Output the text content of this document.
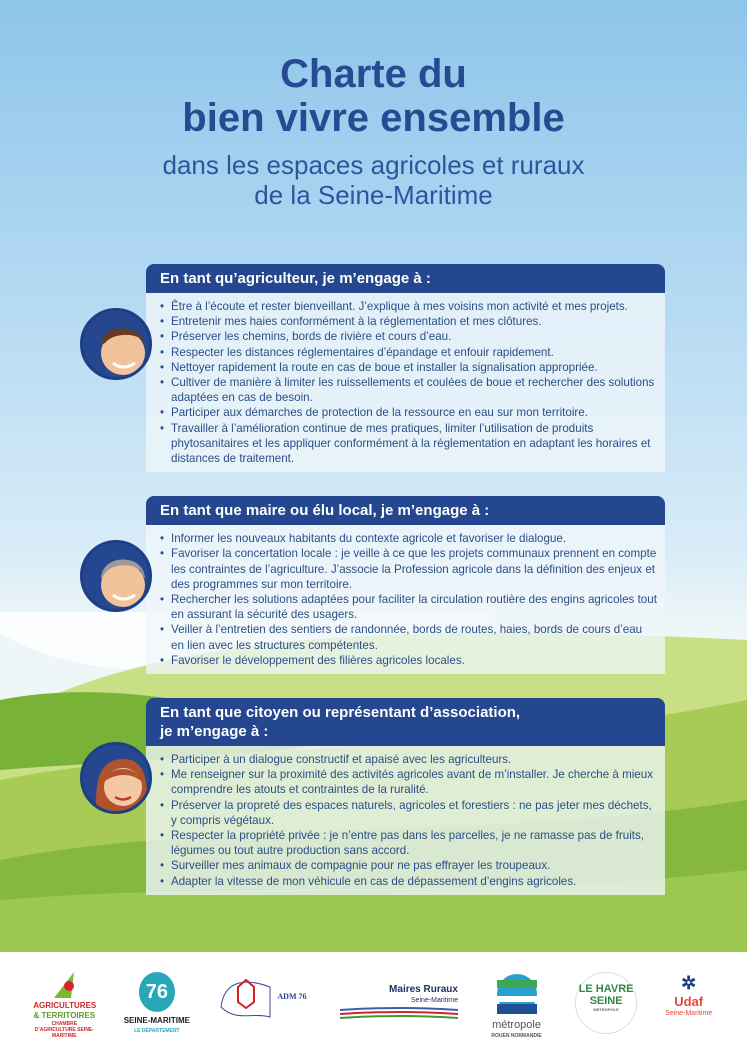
Charte du
bien vivre ensemble
dans les espaces agricoles et ruraux
de la Seine-Maritime
En tant qu’agriculteur, je m’engage à :
• Être à l’écoute et rester bienveillant. J’explique à mes voisins mon activité et mes projets.
• Entretenir mes haies conformément à la réglementation et mes clôtures.
• Préserver les chemins, bords de rivière et cours d’eau.
• Respecter les distances réglementaires d’épandage et enfouir rapidement.
• Nettoyer rapidement la route en cas de boue et installer la signalisation appropriée.
• Cultiver de manière à limiter les ruissellements et coulées de boue et rechercher des solutions adaptées en cas de besoin.
• Participer aux démarches de protection de la ressource en eau sur mon territoire.
• Travailler à l’amélioration continue de mes pratiques, limiter l’utilisation de produits phytosanitaires et les appliquer conformément à la réglementation en adaptant les horaires et distances de traitement.
En tant que maire ou élu local, je m’engage à :
• Informer les nouveaux habitants du contexte agricole et favoriser le dialogue.
• Favoriser la concertation locale : je veille à ce que les projets communaux prennent en compte les contraintes de l’agriculture. J’associe la Profession agricole dans la définition des enjeux et des programmes sur mon territoire.
• Rechercher les solutions adaptées pour faciliter la circulation routière des engins agricoles tout en assurant la sécurité des usagers.
• Veiller à l’entretien des sentiers de randonnée, bords de routes, haies, bords de cours d’eau en lien avec les structures compétentes.
• Favoriser le développement des filières agricoles locales.
En tant que citoyen ou représentant d’association,
je m’engage à :
• Participer à un dialogue constructif et apaisé avec les agriculteurs.
• Me renseigner sur la proximité des activités agricoles avant de m’installer. Je cherche à mieux comprendre les atouts et contraintes de la ruralité.
• Préserver la propreté des espaces naturels, agricoles et forestiers : ne pas jeter mes déchets, y compris végétaux.
• Respecter la propriété privée : je n’entre pas dans les parcelles, je ne ramasse pas de fruits, légumes ou tout autre production sans accord.
• Surveiller mes animaux de compagnie pour ne pas effrayer les troupeaux.
• Adapter la vitesse de mon véhicule en cas de dépassement d’engins agricoles.
AGRICULTURES
& TERRITOIRES
CHAMBRE D’AGRICULTURE SEINE-MARITIME
76
SEINE-MARITIME
LE DÉPARTEMENT
ADM 76
Maires Ruraux
Seine-Maritime
métropole
ROUEN NORMANDIE
LE HAVRE SEINE
MÉTROPOLE
✲
Udaf
Seine-Maritime
